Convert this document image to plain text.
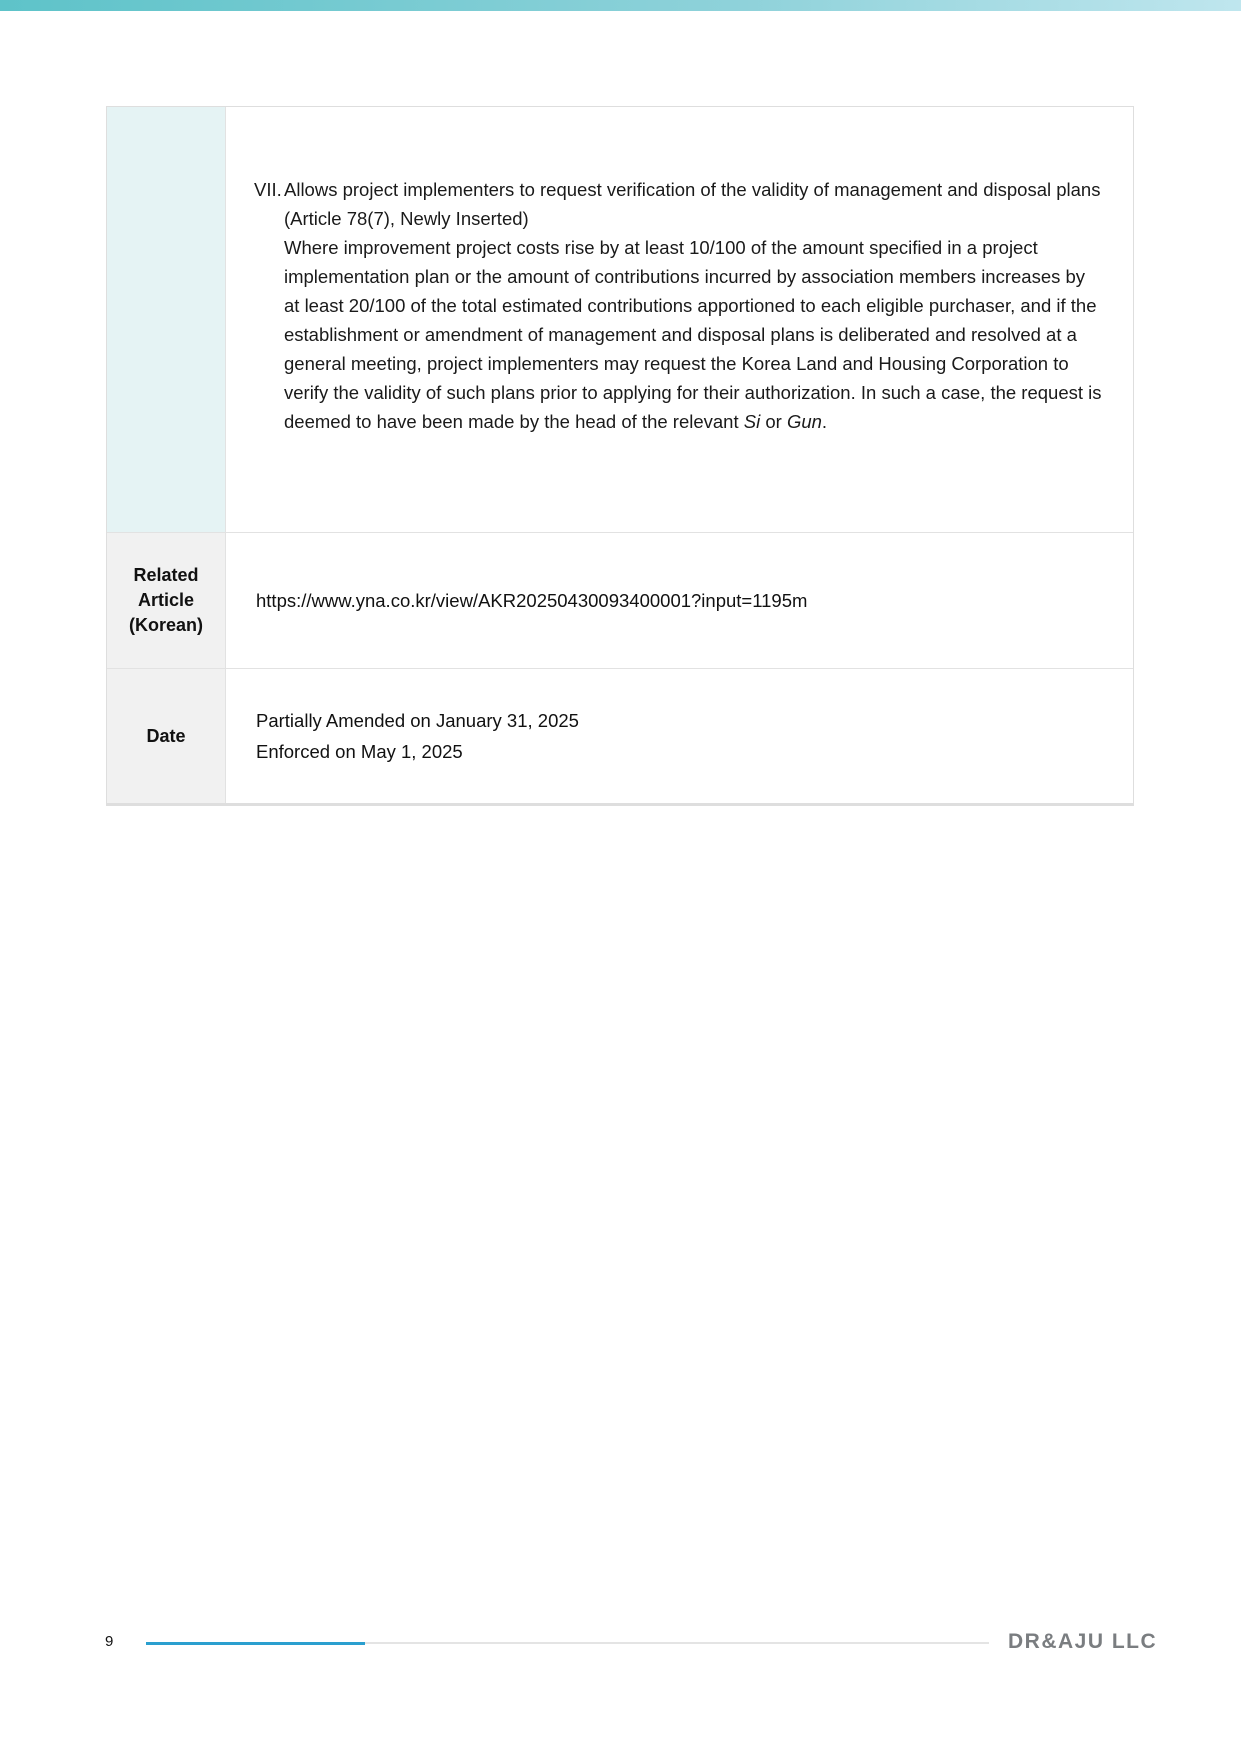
VII. Allows project implementers to request verification of the validity of management and disposal plans (Article 78(7), Newly Inserted)

Where improvement project costs rise by at least 10/100 of the amount specified in a project implementation plan or the amount of contributions incurred by association members increases by at least 20/100 of the total estimated contributions apportioned to each eligible purchaser, and if the establishment or amendment of management and disposal plans is deliberated and resolved at a general meeting, project implementers may request the Korea Land and Housing Corporation to verify the validity of such plans prior to applying for their authorization. In such a case, the request is deemed to have been made by the head of the relevant Si or Gun.

Related Article (Korean)
https://www.yna.co.kr/view/AKR20250430093400001?input=1195m
Date
Partially Amended on January 31, 2025
Enforced on May 1, 2025
9	DR&AJU LLC
